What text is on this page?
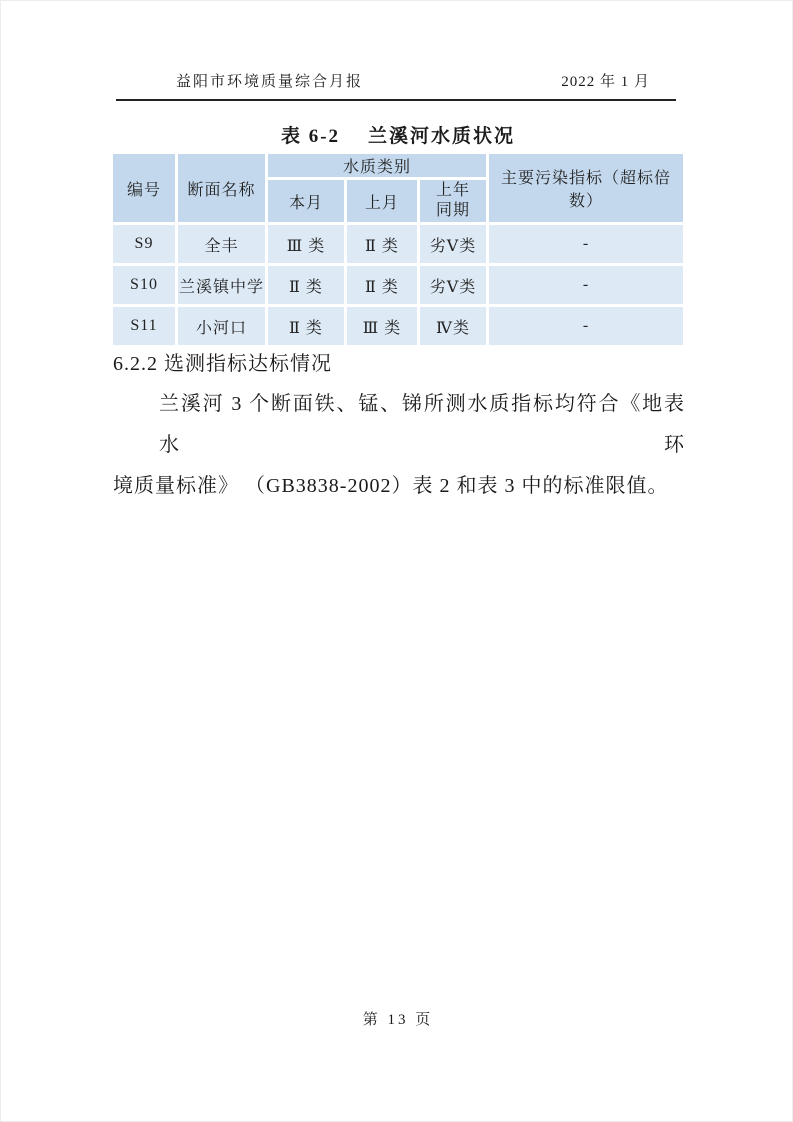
益阳市环境质量综合月报	2022 年 1 月
表 6-2 兰溪河水质状况
编号	断面名称	水质类别			主要污染指标（超标倍数）
		本月	上月	上年同期	
S9	全丰	Ⅲ 类	Ⅱ 类	劣Ⅴ类	-
S10	兰溪镇中学	Ⅱ 类	Ⅱ 类	劣Ⅴ类	-
S11	小河口	Ⅱ 类	Ⅲ 类	Ⅳ类	-
6.2.2 选测指标达标情况
兰溪河 3 个断面铁、锰、锑所测水质指标均符合《地表水环
境质量标准》 （GB3838-2002）表 2 和表 3 中的标准限值。
第 13 页
